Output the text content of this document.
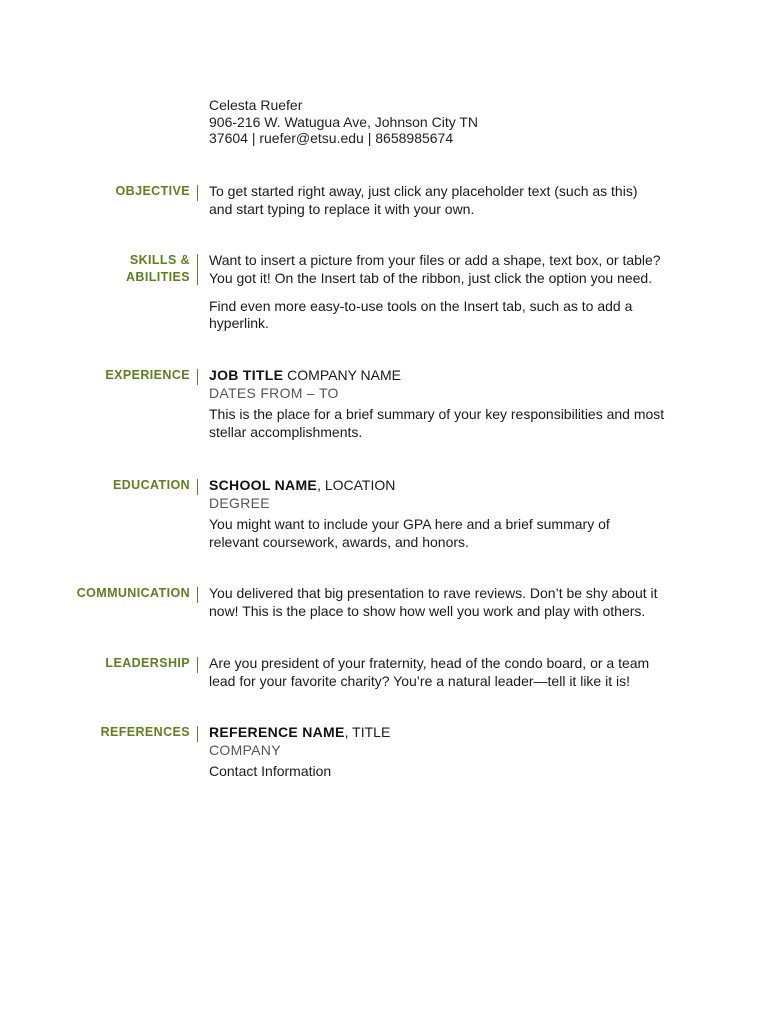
Celesta Ruefer
906-216 W. Watugua Ave, Johnson City TN
37604 | ruefer@etsu.edu | 8658985674
OBJECTIVE To get started right away, just click any placeholder text (such as this)
and start typing to replace it with your own.
SKILLS &
ABILITIES

Want to insert a picture from your files or add a shape, text box, or table?
You got it! On the Insert tab of the ribbon, just click the option you need.

Find even more easy-to-use tools on the Insert tab, such as to add a
hyperlink.

EXPERIENCE JOB TITLE COMPANY NAME
DATES FROM – TO
This is the place for a brief summary of your key responsibilities and most
stellar accomplishments.
EDUCATION SCHOOL NAME, LOCATION
DEGREE
You might want to include your GPA here and a brief summary of
relevant coursework, awards, and honors.
COMMUNICATION You delivered that big presentation to rave reviews. Don’t be shy about it
now! This is the place to show how well you work and play with others.
LEADERSHIP Are you president of your fraternity, head of the condo board, or a team
lead for your favorite charity? You’re a natural leader—tell it like it is!
REFERENCES REFERENCE NAME, TITLE
COMPANY
Contact Information
